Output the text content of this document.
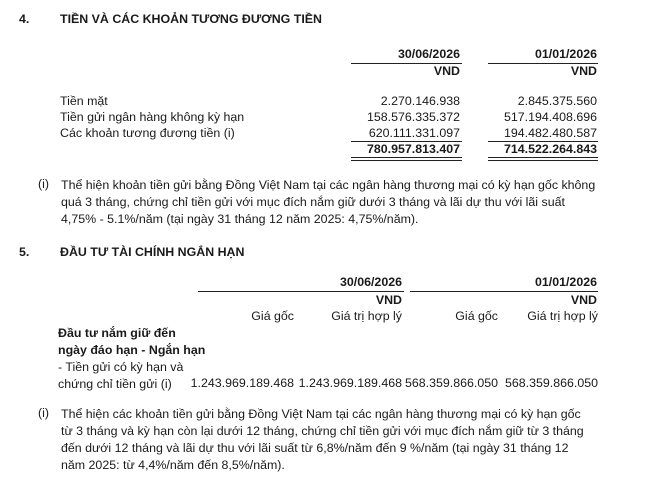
4. TIỀN VÀ CÁC KHOẢN TƯƠNG ĐƯƠNG TIỀN
30/06/2026	01/01/2026
VND	VND
Tiền mặt	2.270.146.938	2.845.375.560
Tiền gửi ngân hàng không kỳ hạn	158.576.335.372	517.194.408.696
Các khoản tương đương tiền (i)	620.111.331.097	194.482.480.587
780.957.813.407	714.522.264.843
(i) Thể hiện khoản tiền gửi bằng Đồng Việt Nam tại các ngân hàng thương mại có kỳ hạn gốc không
quá 3 tháng, chứng chỉ tiền gửi với mục đích nắm giữ dưới 3 tháng và lãi dự thu với lãi suất
4,75% - 5.1%/năm (tại ngày 31 tháng 12 năm 2025: 4,75%/năm).
5. ĐẦU TƯ TÀI CHÍNH NGẮN HẠN
30/06/2026	01/01/2026
VND	VND
Giá gốc	Giá trị hợp lý	Giá gốc	Giá trị hợp lý
Đầu tư nắm giữ đến
ngày đáo hạn - Ngắn hạn
- Tiền gửi có kỳ hạn và
chứng chỉ tiền gửi (i)	1.243.969.189.468 1.243.969.189.468 568.359.866.050 568.359.866.050
(i) Thể hiện các khoản tiền gửi bằng Đồng Việt Nam tại các ngân hàng thương mại có kỳ hạn gốc
từ 3 tháng và kỳ hạn còn lại dưới 12 tháng, chứng chỉ tiền gửi với mục đích nắm giữ từ 3 tháng
đến dưới 12 tháng và lãi dự thu với lãi suất từ 6,8%/năm đến 9 %/năm (tại ngày 31 tháng 12
năm 2025: từ 4,4%/năm đến 8,5%/năm).
